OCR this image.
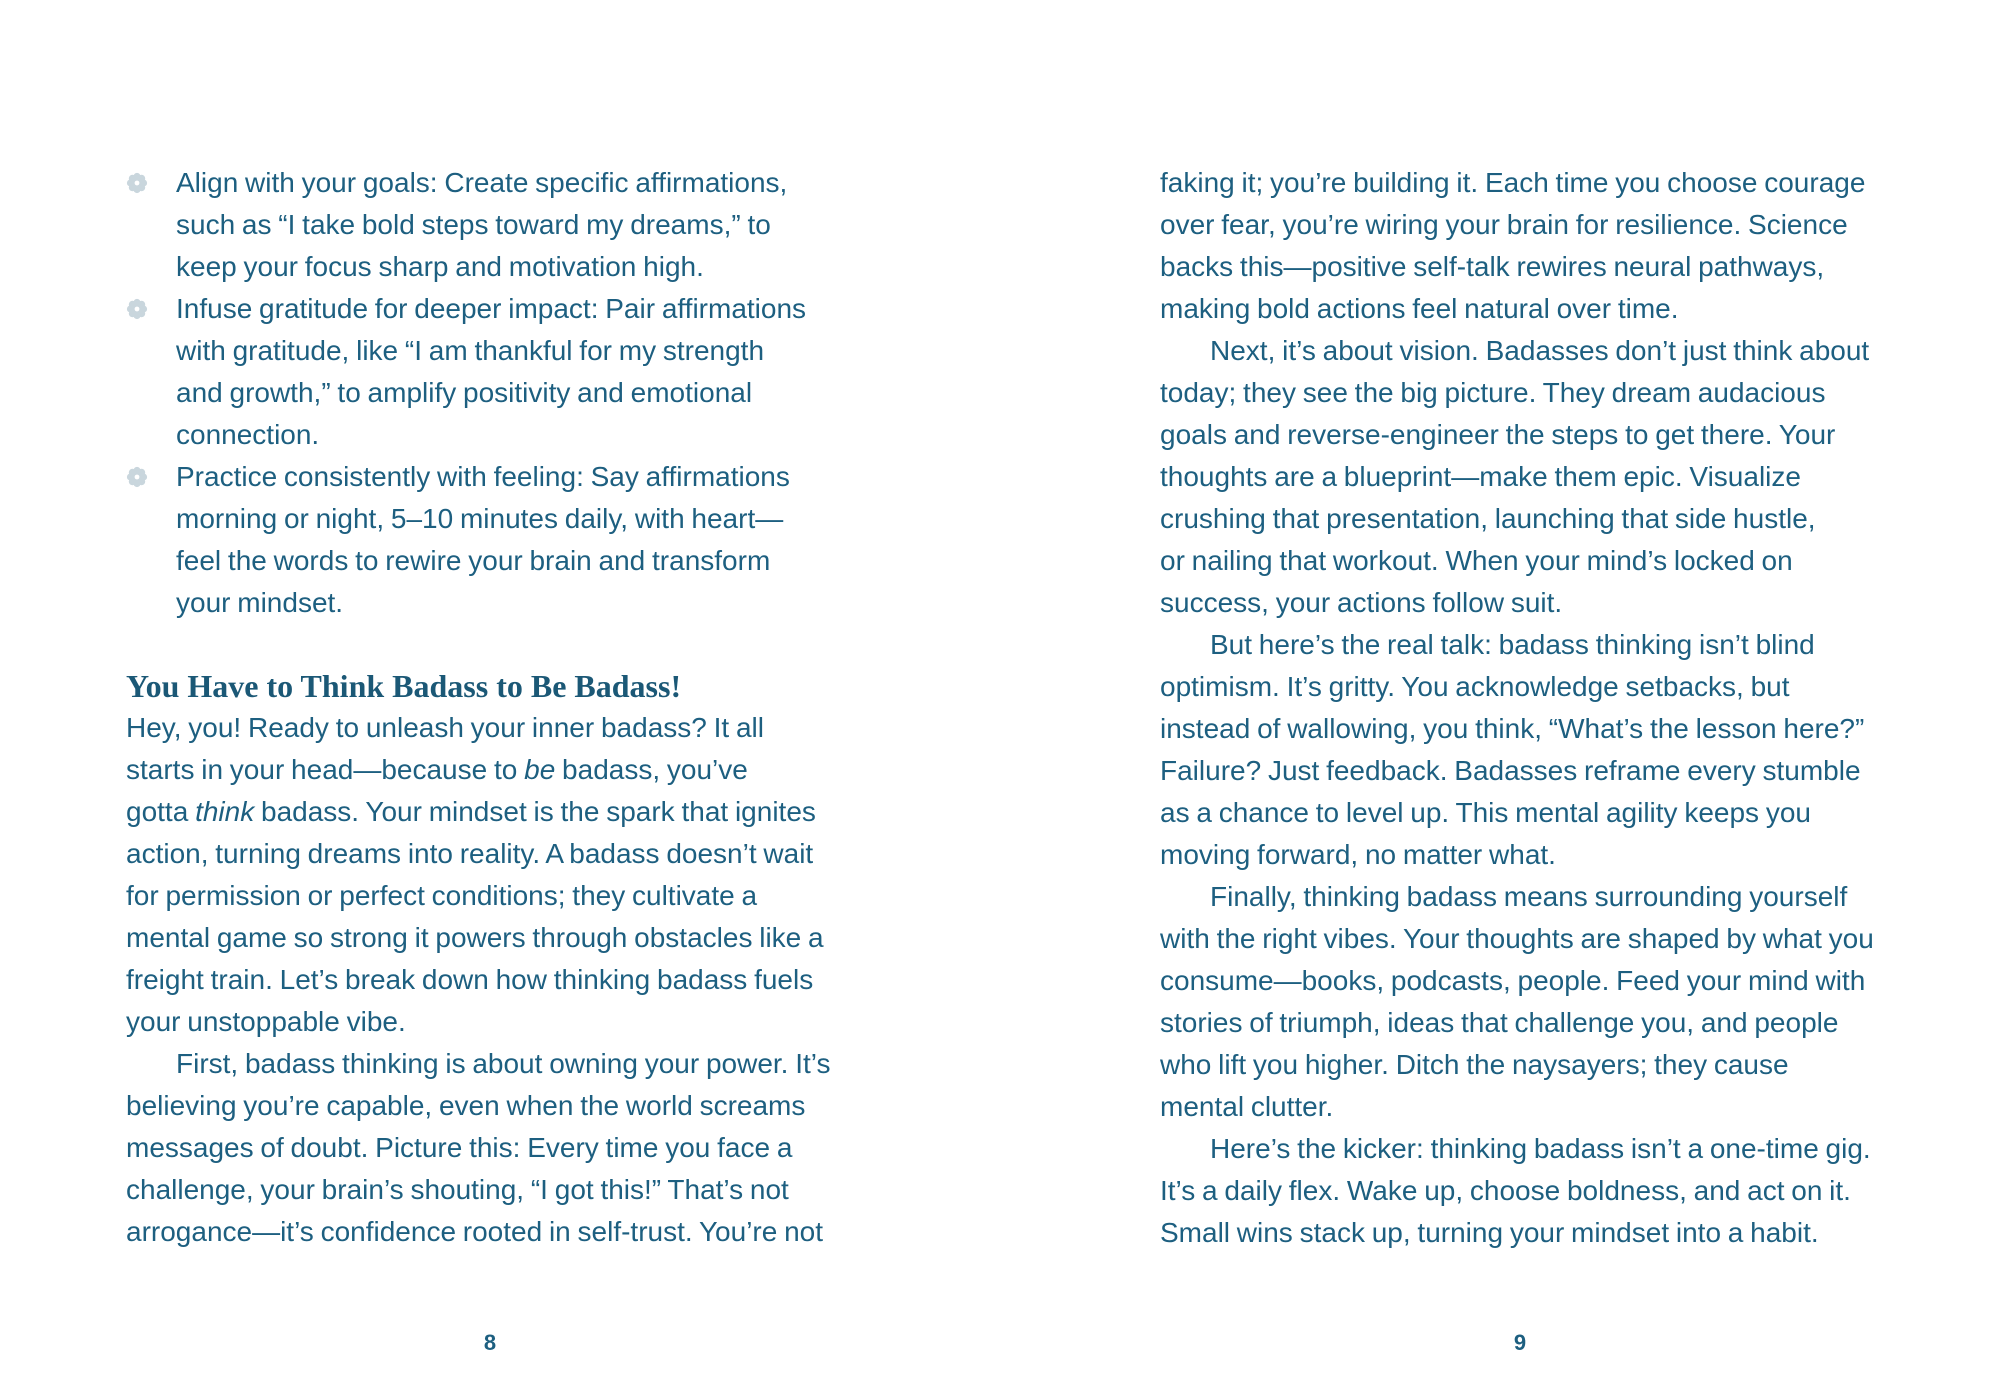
Align with your goals: Create specific affirmations,
such as “I take bold steps toward my dreams,” to
keep your focus sharp and motivation high.
Infuse gratitude for deeper impact: Pair affirmations
with gratitude, like “I am thankful for my strength
and growth,” to amplify positivity and emotional
connection.
Practice consistently with feeling: Say affirmations
morning or night, 5–10 minutes daily, with heart—
feel the words to rewire your brain and transform
your mindset.
You Have to Think Badass to Be Badass!

Hey, you! Ready to unleash your inner badass? It all
starts in your head—because to be badass, you’ve
gotta think badass. Your mindset is the spark that ignites
action, turning dreams into reality. A badass doesn’t wait
for permission or perfect conditions; they cultivate a
mental game so strong it powers through obstacles like a
freight train. Let’s break down how thinking badass fuels
your unstoppable vibe.

First, badass thinking is about owning your power. It’s
believing you’re capable, even when the world screams
messages of doubt. Picture this: Every time you face a
challenge, your brain’s shouting, “I got this!” That’s not
arrogance—it’s confidence rooted in self-trust. You’re not

8

faking it; you’re building it. Each time you choose courage
over fear, you’re wiring your brain for resilience. Science
backs this—positive self-talk rewires neural pathways,
making bold actions feel natural over time.

Next, it’s about vision. Badasses don’t just think about
today; they see the big picture. They dream audacious
goals and reverse-engineer the steps to get there. Your
thoughts are a blueprint—make them epic. Visualize
crushing that presentation, launching that side hustle,
or nailing that workout. When your mind’s locked on
success, your actions follow suit.

But here’s the real talk: badass thinking isn’t blind
optimism. It’s gritty. You acknowledge setbacks, but
instead of wallowing, you think, “What’s the lesson here?”
Failure? Just feedback. Badasses reframe every stumble
as a chance to level up. This mental agility keeps you
moving forward, no matter what.

Finally, thinking badass means surrounding yourself
with the right vibes. Your thoughts are shaped by what you
consume—books, podcasts, people. Feed your mind with
stories of triumph, ideas that challenge you, and people
who lift you higher. Ditch the naysayers; they cause
mental clutter.

Here’s the kicker: thinking badass isn’t a one-time gig.
It’s a daily flex. Wake up, choose boldness, and act on it.
Small wins stack up, turning your mindset into a habit.

9
